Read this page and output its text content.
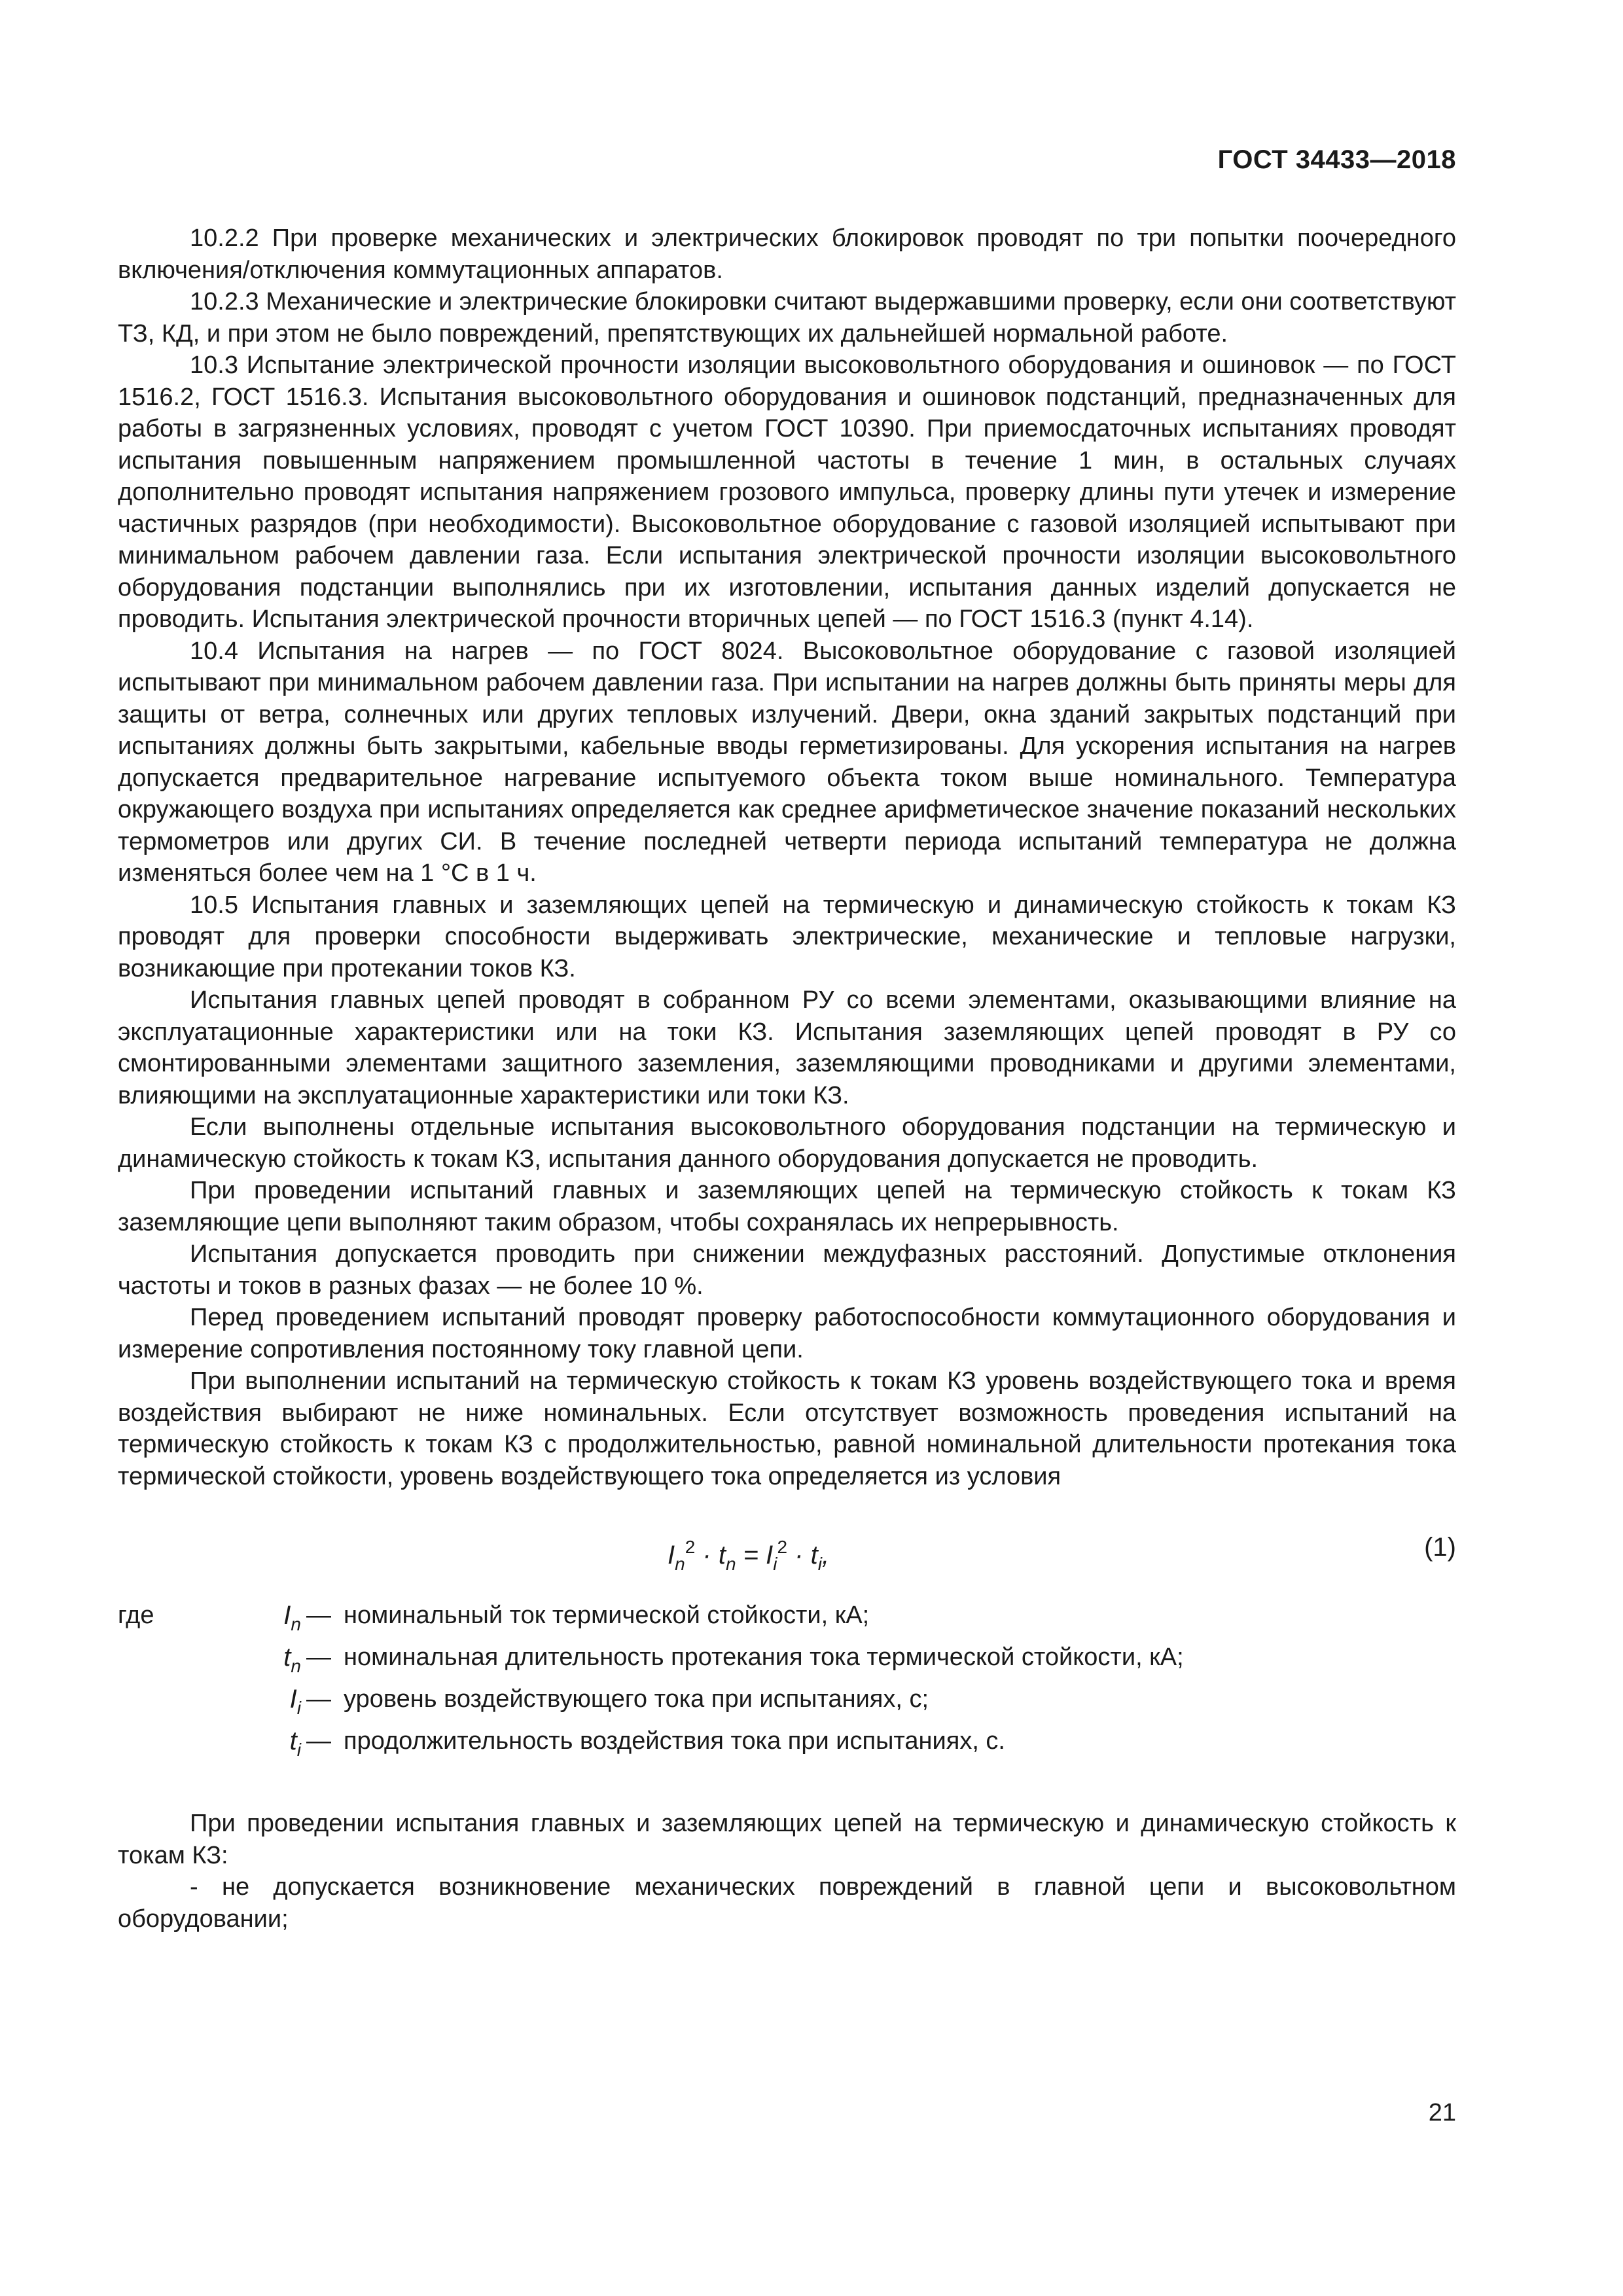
ГОСТ 34433—2018

10.2.2 При проверке механических и электрических блокировок проводят по три попытки поочередного включения/отключения коммутационных аппаратов.

10.2.3 Механические и электрические блокировки считают выдержавшими проверку, если они соответствуют ТЗ, КД, и при этом не было повреждений, препятствующих их дальнейшей нормальной работе.

10.3 Испытание электрической прочности изоляции высоковольтного оборудования и ошиновок — по ГОСТ 1516.2, ГОСТ 1516.3. Испытания высоковольтного оборудования и ошиновок подстанций, предназначенных для работы в загрязненных условиях, проводят с учетом ГОСТ 10390. При приемосдаточных испытаниях проводят испытания повышенным напряжением промышленной частоты в течение 1 мин, в остальных случаях дополнительно проводят испытания напряжением грозового импульса, проверку длины пути утечек и измерение частичных разрядов (при необходимости). Высоковольтное оборудование с газовой изоляцией испытывают при минимальном рабочем давлении газа. Если испытания электрической прочности изоляции высоковольтного оборудования подстанции выполнялись при их изготовлении, испытания данных изделий допускается не проводить. Испытания электрической прочности вторичных цепей — по ГОСТ 1516.3 (пункт 4.14).

10.4 Испытания на нагрев — по ГОСТ 8024. Высоковольтное оборудование с газовой изоляцией испытывают при минимальном рабочем давлении газа. При испытании на нагрев должны быть приняты меры для защиты от ветра, солнечных или других тепловых излучений. Двери, окна зданий закрытых подстанций при испытаниях должны быть закрытыми, кабельные вводы герметизированы. Для ускорения испытания на нагрев допускается предварительное нагревание испытуемого объекта током выше номинального. Температура окружающего воздуха при испытаниях определяется как среднее арифметическое значение показаний нескольких термометров или других СИ. В течение последней четверти периода испытаний температура не должна изменяться более чем на 1 °С в 1 ч.

10.5 Испытания главных и заземляющих цепей на термическую и динамическую стойкость к токам КЗ проводят для проверки способности выдерживать электрические, механические и тепловые нагрузки, возникающие при протекании токов КЗ.

Испытания главных цепей проводят в собранном РУ со всеми элементами, оказывающими влияние на эксплуатационные характеристики или на токи КЗ. Испытания заземляющих цепей проводят в РУ со смонтированными элементами защитного заземления, заземляющими проводниками и другими элементами, влияющими на эксплуатационные характеристики или токи КЗ.

Если выполнены отдельные испытания высоковольтного оборудования подстанции на термическую и динамическую стойкость к токам КЗ, испытания данного оборудования допускается не проводить.

При проведении испытаний главных и заземляющих цепей на термическую стойкость к токам КЗ заземляющие цепи выполняют таким образом, чтобы сохранялась их непрерывность.

Испытания допускается проводить при снижении междуфазных расстояний. Допустимые отклонения частоты и токов в разных фазах — не более 10 %.

Перед проведением испытаний проводят проверку работоспособности коммутационного оборудования и измерение сопротивления постоянному току главной цепи.

При выполнении испытаний на термическую стойкость к токам КЗ уровень воздействующего тока и время воздействия выбирают не ниже номинальных. Если отсутствует возможность проведения испытаний на термическую стойкость к токам КЗ с продолжительностью, равной номинальной длительности протекания тока термической стойкости, уровень воздействующего тока определяется из условия

$I_n^2 \cdot t_n = I_i^2 \cdot t_i$,	(1)
где	$I_n$ — номинальный ток термической стойкости, кА;
$t_n$ — номинальная длительность протекания тока термической стойкости, кА;
$I_i$ — уровень воздействующего тока при испытаниях, с;
$t_i$ — продолжительность воздействия тока при испытаниях, с.

При проведении испытания главных и заземляющих цепей на термическую и динамическую стойкость к токам КЗ:

- не допускается возникновение механических повреждений в главной цепи и высоковольтном оборудовании;

21
